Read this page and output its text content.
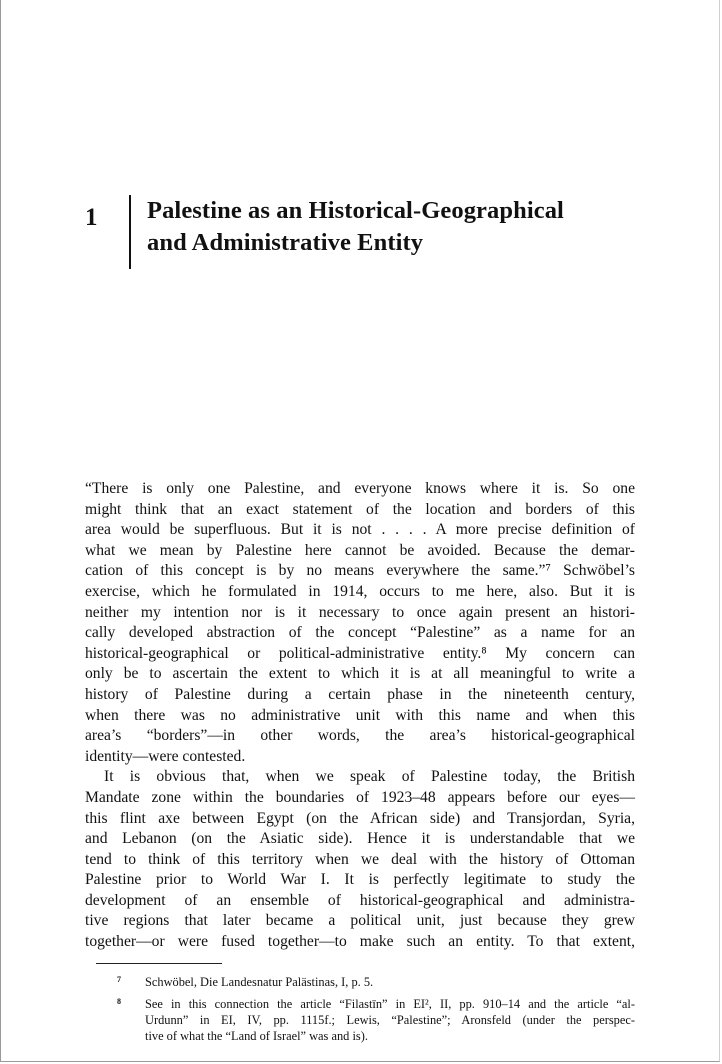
1 Palestine as an Historical-Geographical
and Administrative Entity
“There is only one Palestine, and everyone knows where it is. So one
might think that an exact statement of the location and borders of this
area would be superfluous. But it is not . . . . A more precise definition of
what we mean by Palestine here cannot be avoided. Because the demar-
cation of this concept is by no means everywhere the same.”⁷ Schwöbel’s
exercise, which he formulated in 1914, occurs to me here, also. But it is
neither my intention nor is it necessary to once again present an histori-
cally developed abstraction of the concept “Palestine” as a name for an
historical-geographical or political-administrative entity.⁸ My concern can
only be to ascertain the extent to which it is at all meaningful to write a
history of Palestine during a certain phase in the nineteenth century,
when there was no administrative unit with this name and when this
area’s “borders”—in other words, the area’s historical-geographical
identity—were contested.
It is obvious that, when we speak of Palestine today, the British
Mandate zone within the boundaries of 1923–48 appears before our eyes—
this flint axe between Egypt (on the African side) and Transjordan, Syria,
and Lebanon (on the Asiatic side). Hence it is understandable that we
tend to think of this territory when we deal with the history of Ottoman
Palestine prior to World War I. It is perfectly legitimate to study the
development of an ensemble of historical-geographical and administra-
tive regions that later became a political unit, just because they grew
together—or were fused together—to make such an entity. To that extent,
7 Schwöbel, Die Landesnatur Palästinas, I, p. 5.
8 See in this connection the article “Filastīn” in EI², II, pp. 910–14 and the article “al-
Urdunn” in EI, IV, pp. 1115f.; Lewis, “Palestine”; Aronsfeld (under the perspec-
tive of what the “Land of Israel” was and is).
